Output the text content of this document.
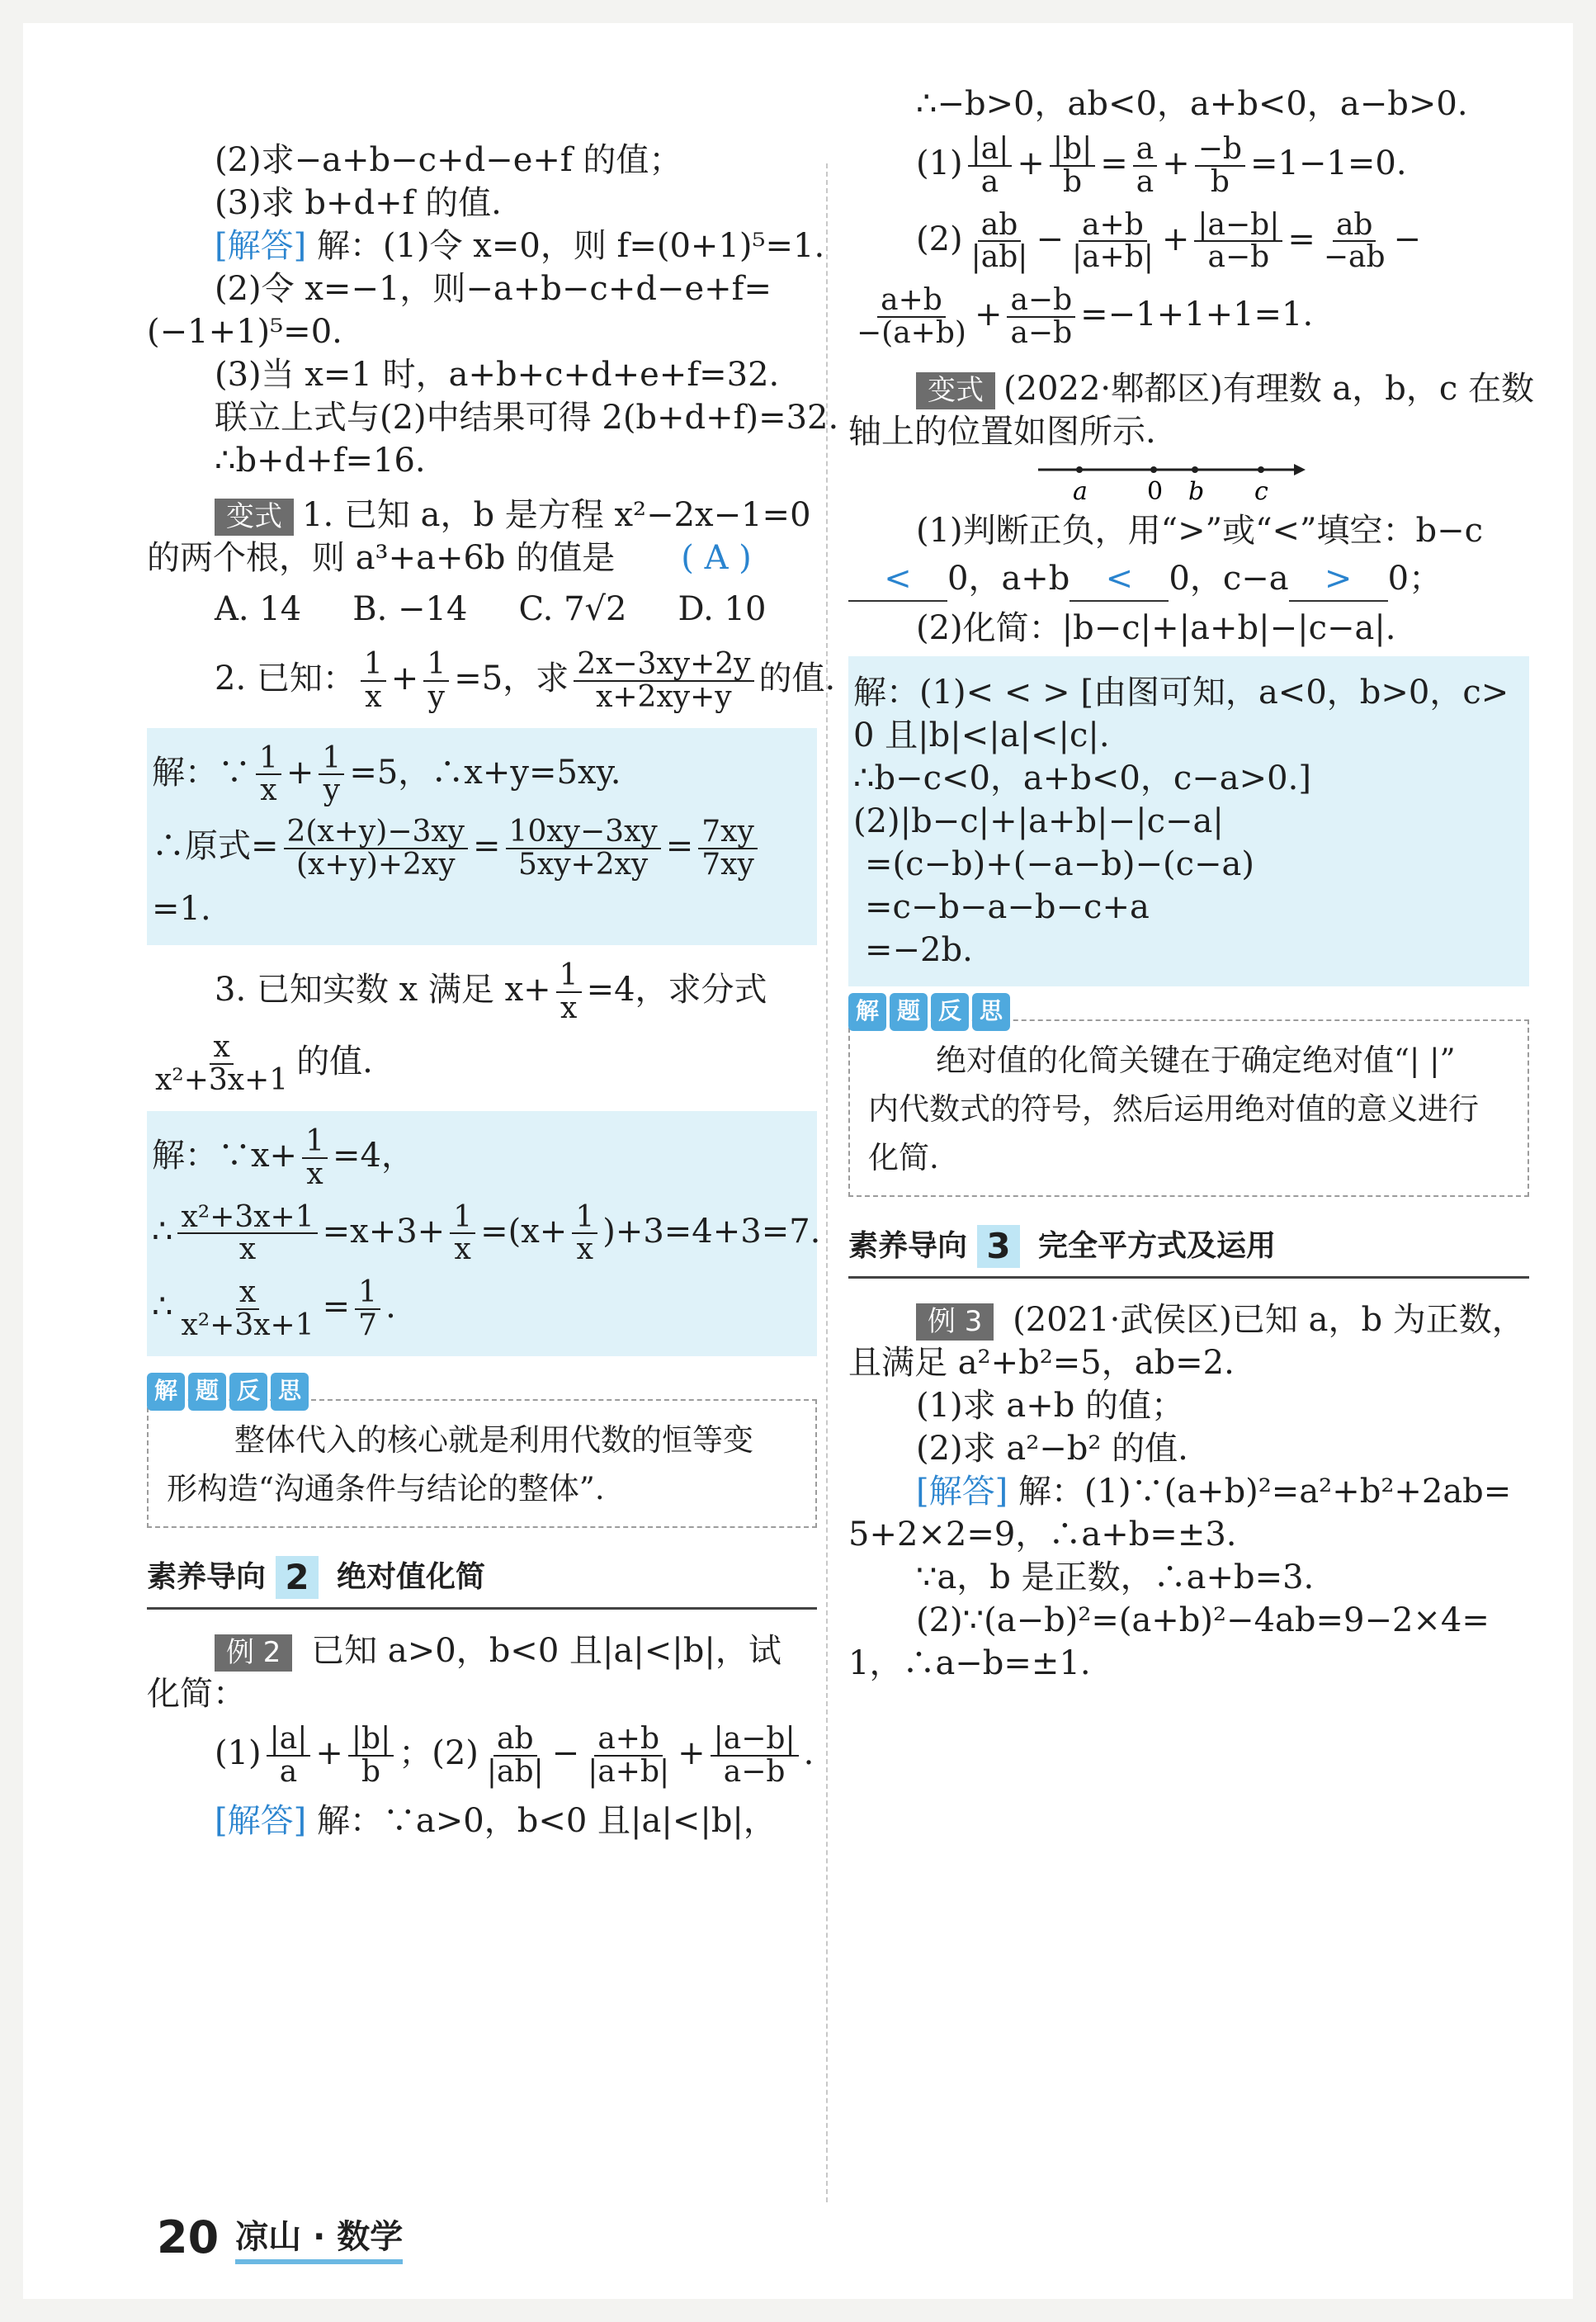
(2)求−a+b−c+d−e+f 的值；

(3)求 b+d+f 的值.

[解答] 解：(1)令 x=0，则 f=(0+1)⁵=1.

(2)令 x=−1，则−a+b−c+d−e+f=

(−1+1)⁵=0.

(3)当 x=1 时，a+b+c+d+e+f=32.

联立上式与(2)中结果可得 2(b+d+f)=32.

∴b+d+f=16.

变式 1. 已知 a，b 是方程 x²−2x−1=0

的两个根，则 a³+a+6b 的值是 ( A )

A. 14 B. −14 C. 7√2 D. 10

2. 已知： $\frac{1}{x} + \frac{1}{y} =5$，求 $\frac{2x-3xy+2y}{x+2xy+y}$ 的值.

解：∵ $\frac{1}{x} + \frac{1}{y} =5$，∴x+y=5xy.

∴原式= $\frac{2(x+y)-3xy}{(x+y)+2xy} = \frac{10xy-3xy}{5xy+2xy} = \frac{7xy}{7xy}$

=1.

3. 已知实数 x 满足 $x+ \frac{1}{x} =4$，求分式

$\frac{x}{\text{x²+3x+1}}$ 的值.

解：∵x+ $\frac{1}{x} =4$，

∴ $\frac{\text{x²+3x+1}}{x} =x+3+ \frac{1}{x} =(x+ \frac{1}{x} )+3=4+3=7$.

∴ $\frac{x}{\text{x²+3x+1}} = \frac{1}{7}$ .

解 题 反 思

整体代入的核心就是利用代数的恒等变

形构造“沟通条件与结论的整体”.

素养导向 2 绝对值化简

例 2 已知 a>0，b<0 且|a|<|b|，试

化简：

$(1) \frac{|a|}{a} + \frac{|b|}{b}$ ；$(2) \frac{ab}{|ab|} - \frac{a+b}{|a+b|} + \frac{|a-b|}{a-b}$ .

[解答] 解：∵a>0，b<0 且|a|<|b|，

∴−b>0，ab<0，a+b<0，a−b>0.

$(1) \frac{|a|}{a} + \frac{|b|}{b} = \frac{a}{a} + \frac{-b}{b} =1-1=0$.

$(2) \frac{ab}{|ab|} - \frac{a+b}{|a+b|} + \frac{|a-b|}{a-b} = \frac{ab}{-ab}$ −

$\frac{a+b}{-(a+b)} + \frac{a-b}{a-b} =-1+1+1=1$.

变式 (2022·郫都区)有理数 a，b，c 在数

轴上的位置如图所示.

a 0 b c

(1)判断正负，用“>”或“<”填空：b−c

< 0，a+b < 0，c−a > 0；

(2)化简：|b−c|+|a+b|−|c−a|.

解：(1)< < > [由图可知，a<0，b>0，c>

0 且|b|<|a|<|c|.

∴b−c<0，a+b<0，c−a>0.]

(2)|b−c|+|a+b|−|c−a|

=(c−b)+(−a−b)−(c−a)

=c−b−a−b−c+a

=−2b.

解 题 反 思

绝对值的化简关键在于确定绝对值“| |”

内代数式的符号，然后运用绝对值的意义进行

化简.

素养导向 3 完全平方式及运用

例 3 (2021·武侯区)已知 a，b 为正数，

且满足 a²+b²=5，ab=2.

(1)求 a+b 的值；

(2)求 a²−b² 的值.

[解答] 解：(1)∵(a+b)²=a²+b²+2ab=

5+2×2=9，∴a+b=±3.

∵a，b 是正数，∴a+b=3.

(2)∵(a−b)²=(a+b)²−4ab=9−2×4=

1，∴a−b=±1.

20 凉山 · 数学
